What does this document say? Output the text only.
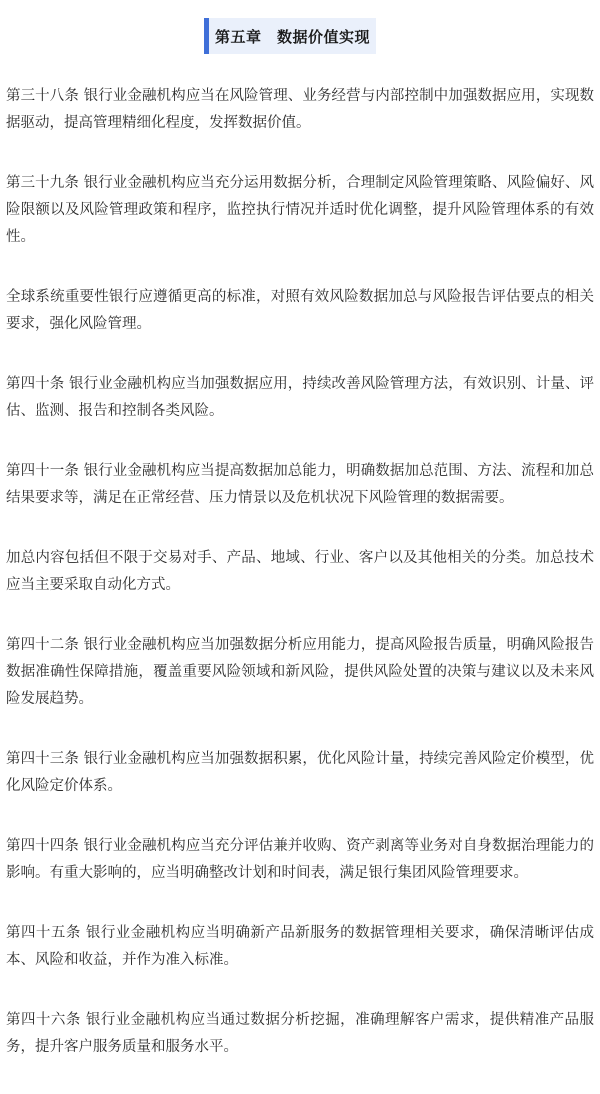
第五章　数据价值实现

第三十八条 银行业金融机构应当在风险管理、业务经营与内部控制中加强数据应用，实现数据驱动，提高管理精细化程度，发挥数据价值。

第三十九条 银行业金融机构应当充分运用数据分析，合理制定风险管理策略、风险偏好、风险限额以及风险管理政策和程序，监控执行情况并适时优化调整，提升风险管理体系的有效性。

全球系统重要性银行应遵循更高的标准，对照有效风险数据加总与风险报告评估要点的相关要求，强化风险管理。

第四十条 银行业金融机构应当加强数据应用，持续改善风险管理方法，有效识别、计量、评估、监测、报告和控制各类风险。

第四十一条 银行业金融机构应当提高数据加总能力，明确数据加总范围、方法、流程和加总结果要求等，满足在正常经营、压力情景以及危机状况下风险管理的数据需要。

加总内容包括但不限于交易对手、产品、地域、行业、客户以及其他相关的分类。加总技术应当主要采取自动化方式。

第四十二条 银行业金融机构应当加强数据分析应用能力，提高风险报告质量，明确风险报告数据准确性保障措施，覆盖重要风险领域和新风险，提供风险处置的决策与建议以及未来风险发展趋势。

第四十三条 银行业金融机构应当加强数据积累，优化风险计量，持续完善风险定价模型，优化风险定价体系。

第四十四条 银行业金融机构应当充分评估兼并收购、资产剥离等业务对自身数据治理能力的影响。有重大影响的，应当明确整改计划和时间表，满足银行集团风险管理要求。

第四十五条 银行业金融机构应当明确新产品新服务的数据管理相关要求，确保清晰评估成本、风险和收益，并作为准入标准。

第四十六条 银行业金融机构应当通过数据分析挖掘，准确理解客户需求，提供精准产品服务，提升客户服务质量和服务水平。
